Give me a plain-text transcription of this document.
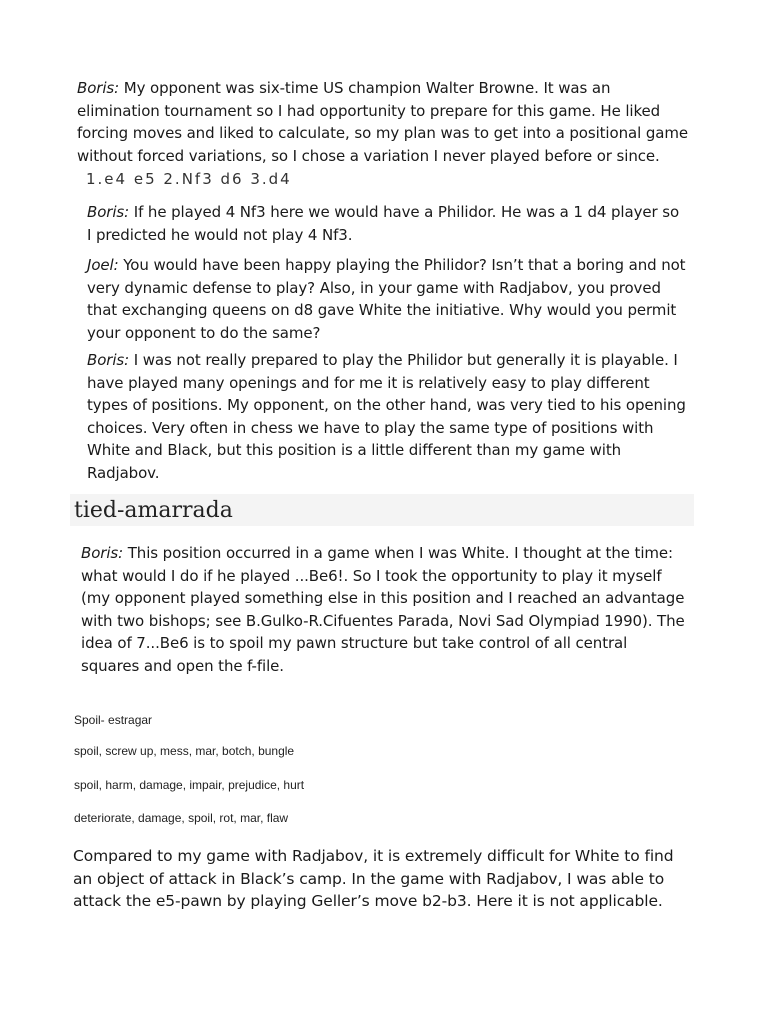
Boris: My opponent was six-time US champion Walter Browne. It was an elimination tournament so I had opportunity to prepare for this game. He liked forcing moves and liked to calculate, so my plan was to get into a positional game without forced variations, so I chose a variation I never played before or since.
1.e4 e5 2.Nf3 d6 3.d4
Boris: If he played 4 Nf3 here we would have a Philidor. He was a 1 d4 player so I predicted he would not play 4 Nf3.
Joel: You would have been happy playing the Philidor? Isn’t that a boring and not very dynamic defense to play? Also, in your game with Radjabov, you proved that exchanging queens on d8 gave White the initiative. Why would you permit your opponent to do the same?
Boris: I was not really prepared to play the Philidor but generally it is playable. I have played many openings and for me it is relatively easy to play different types of positions. My opponent, on the other hand, was very tied to his opening choices. Very often in chess we have to play the same type of positions with White and Black, but this position is a little different than my game with Radjabov.
tied-amarrada
Boris: This position occurred in a game when I was White. I thought at the time: what would I do if he played ...Be6!. So I took the opportunity to play it myself (my opponent played something else in this position and I reached an advantage with two bishops; see B.Gulko-R.Cifuentes Parada, Novi Sad Olympiad 1990). The idea of 7...Be6 is to spoil my pawn structure but take control of all central squares and open the f-file.
Spoil- estragar
spoil, screw up, mess, mar, botch, bungle
spoil, harm, damage, impair, prejudice, hurt
deteriorate, damage, spoil, rot, mar, flaw
Compared to my game with Radjabov, it is extremely difficult for White to find an object of attack in Black’s camp. In the game with Radjabov, I was able to attack the e5-pawn by playing Geller’s move b2-b3. Here it is not applicable.
